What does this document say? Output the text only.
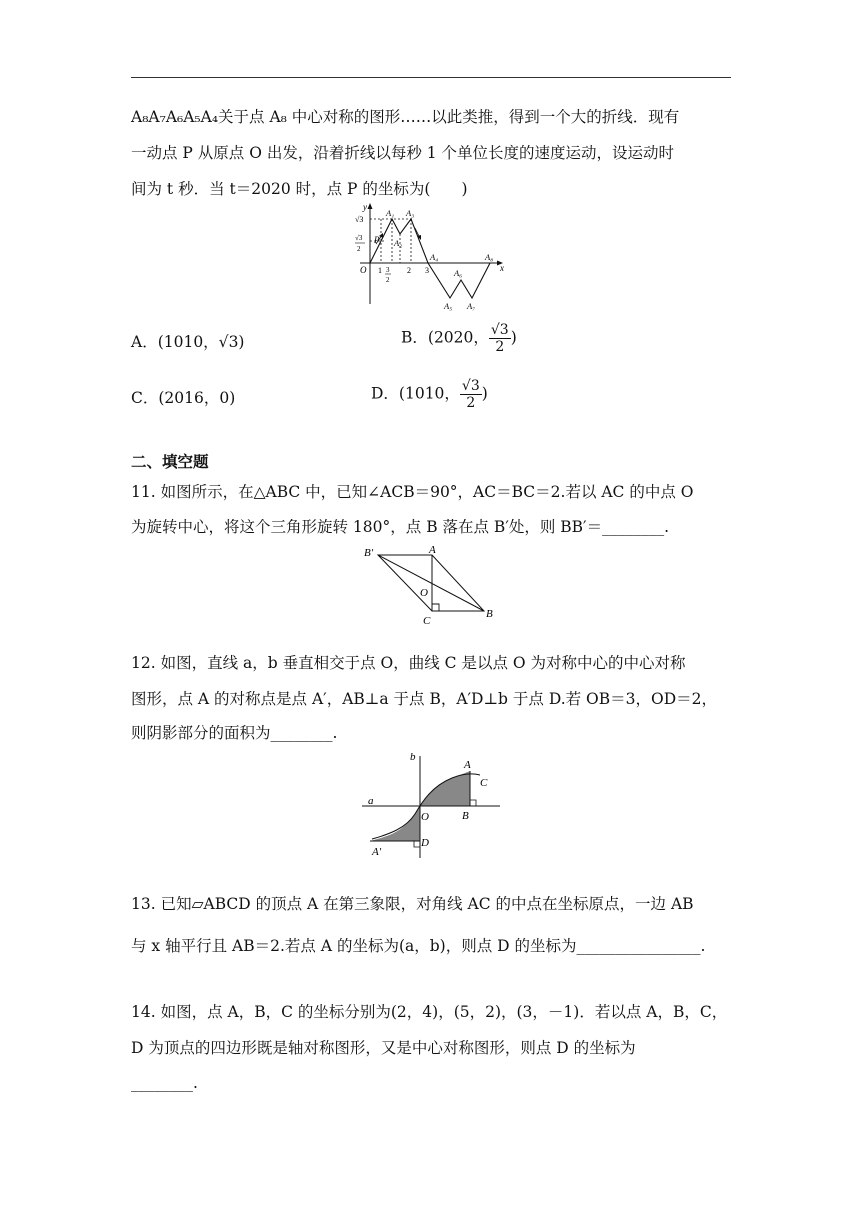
A₈A₇A₆A₅A₄关于点 A₈ 中心对称的图形……以此类推，得到一个大的折线．现有
一动点 P 从原点 O 出发，沿着折线以每秒 1 个单位长度的速度运动，设运动时
间为 t 秒．当 t＝2020 时，点 P 的坐标为(　　)
y
x
O
√3
√3
2
P
A₁
A₂
A₃
A₄
A₅
A₆
A₇
A₈
1 3
2
2 3
A．(1010，√3)	B．(2020， $\frac{√3}{2}$ )
C．(2016，0)	D．(1010， $\frac{√3}{2}$ )
二、填空题
11. 如图所示，在△ABC 中，已知∠ACB＝90°，AC＝BC＝2.若以 AC 的中点 O
为旋转中心，将这个三角形旋转 180°，点 B 落在点 B′处，则 BB′＝________.
B′	A
O
C
B
12. 如图，直线 a，b 垂直相交于点 O，曲线 C 是以点 O 为对称中心的中心对称
图形，点 A 的对称点是点 A′，AB⊥a 于点 B，A′D⊥b 于点 D.若 OB＝3，OD＝2，
则阴影部分的面积为________.
b
a
A
C
O	B
A′
D
13. 已知▱ABCD 的顶点 A 在第三象限，对角线 AC 的中点在坐标原点，一边 AB
与 x 轴平行且 AB＝2.若点 A 的坐标为(a，b)，则点 D 的坐标为________________.
14. 如图，点 A，B，C 的坐标分别为(2，4)，(5，2)，(3，－1)．若以点 A，B，C，
D 为顶点的四边形既是轴对称图形，又是中心对称图形，则点 D 的坐标为
________.
